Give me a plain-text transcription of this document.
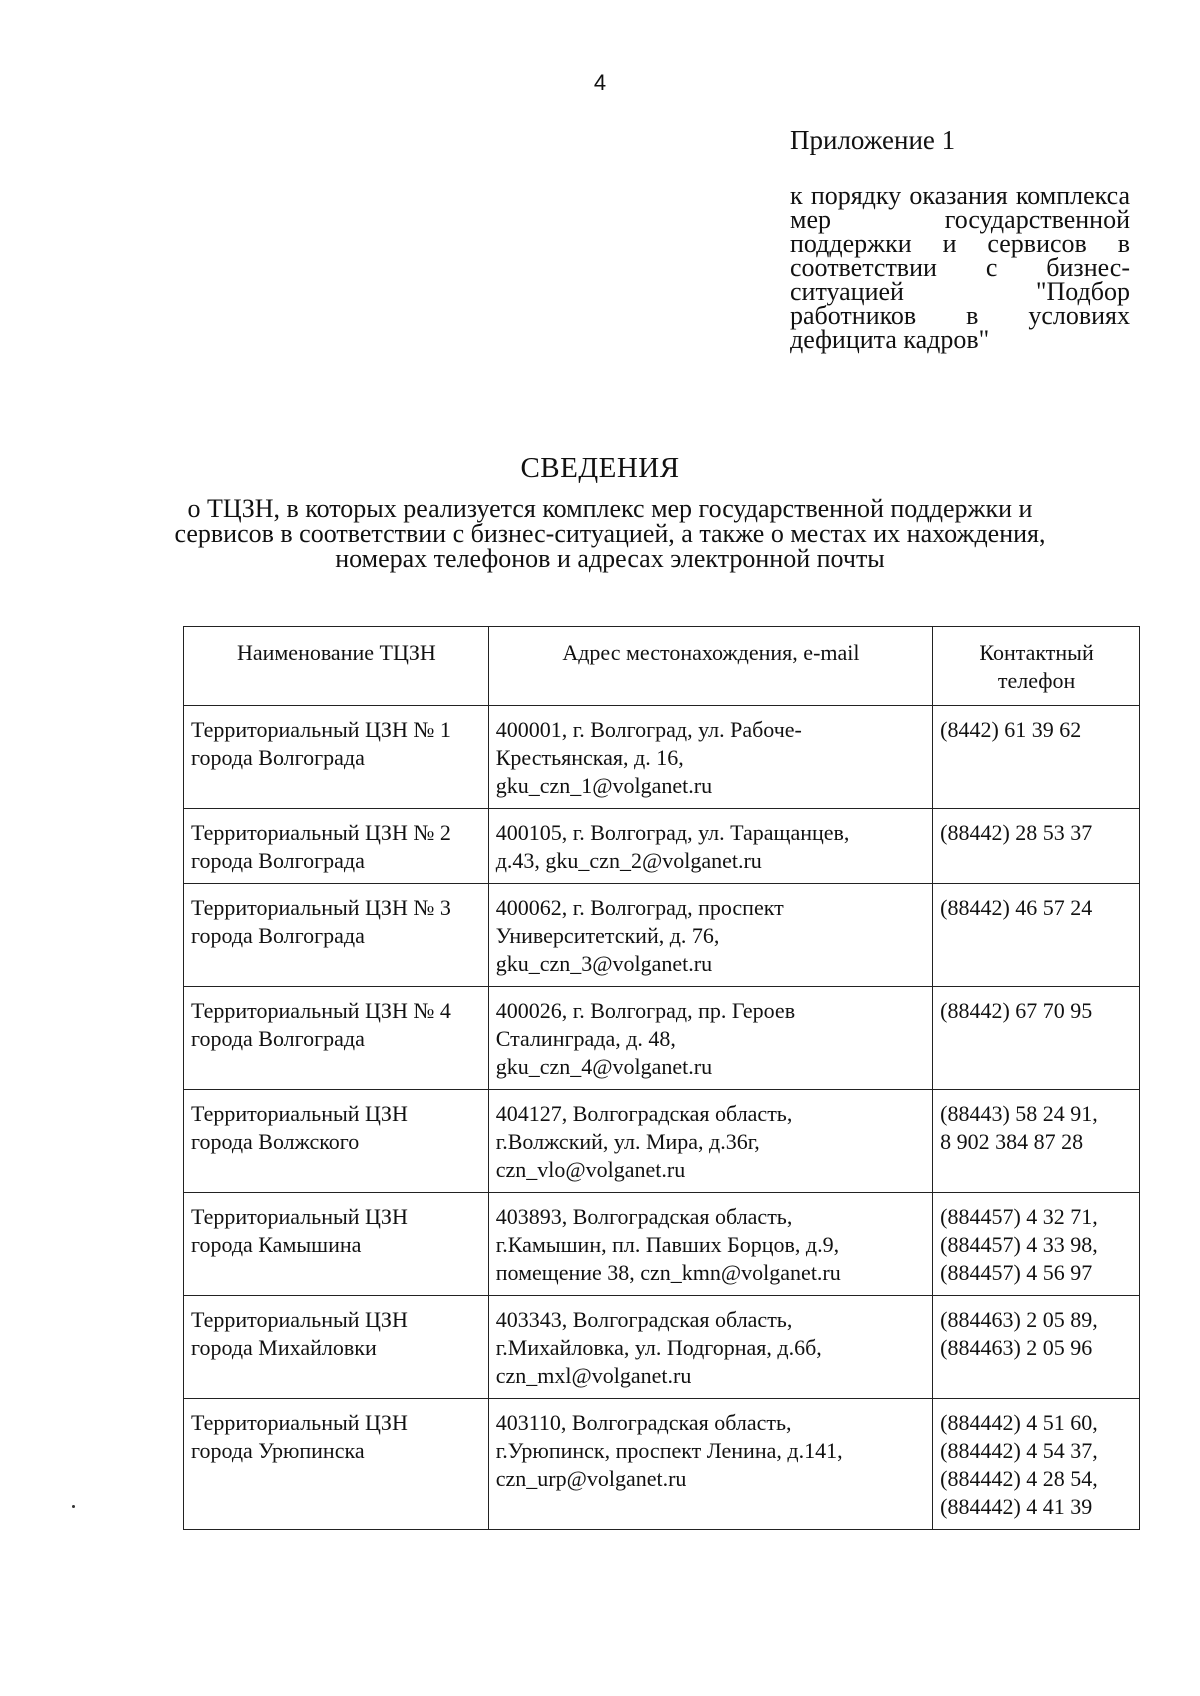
4

Приложение 1

к порядку оказания комплекса мер государственной поддержки и сервисов в соответствии с бизнес-ситуацией "Подбор работников в условиях дефицита кадров"

СВЕДЕНИЯ

о ТЦЗН, в которых реализуется комплекс мер государственной поддержки и сервисов в соответствии с бизнес-ситуацией, а также о местах их нахождения, номерах телефонов и адресах электронной почты

Наименование ТЦЗН	Адрес местонахождения, e-mail	Контактный телефон

Территориальный ЦЗН № 1
города Волгограда	400001, г. Волгоград, ул. Рабоче-
Крестьянская, д. 16,
gku_czn_1@volganet.ru	(8442) 61 39 62

Территориальный ЦЗН № 2
города Волгограда	400105, г. Волгоград, ул. Таращанцев,
д.43, gku_czn_2@volganet.ru	(88442) 28 53 37

Территориальный ЦЗН № 3
города Волгограда	400062, г. Волгоград, проспект
Университетский, д. 76,
gku_czn_3@volganet.ru	(88442) 46 57 24

Территориальный ЦЗН № 4
города Волгограда	400026, г. Волгоград, пр. Героев
Сталинграда, д. 48,
gku_czn_4@volganet.ru	(88442) 67 70 95

Территориальный ЦЗН
города Волжского	404127, Волгоградская область,
г.Волжский, ул. Мира, д.36г,
czn_vlo@volganet.ru	(88443) 58 24 91,
8 902 384 87 28

Территориальный ЦЗН
города Камышина	403893, Волгоградская область,
г.Камышин, пл. Павших Борцов, д.9,
помещение 38, czn_kmn@volganet.ru	(884457) 4 32 71,
(884457) 4 33 98,
(884457) 4 56 97

Территориальный ЦЗН
города Михайловки	403343, Волгоградская область,
г.Михайловка, ул. Подгорная, д.6б,
czn_mxl@volganet.ru	(884463) 2 05 89,
(884463) 2 05 96

Территориальный ЦЗН
города Урюпинска	403110, Волгоградская область,
г.Урюпинск, проспект Ленина, д.141,
czn_urp@volganet.ru	(884442) 4 51 60,
(884442) 4 54 37,
(884442) 4 28 54,
(884442) 4 41 39
